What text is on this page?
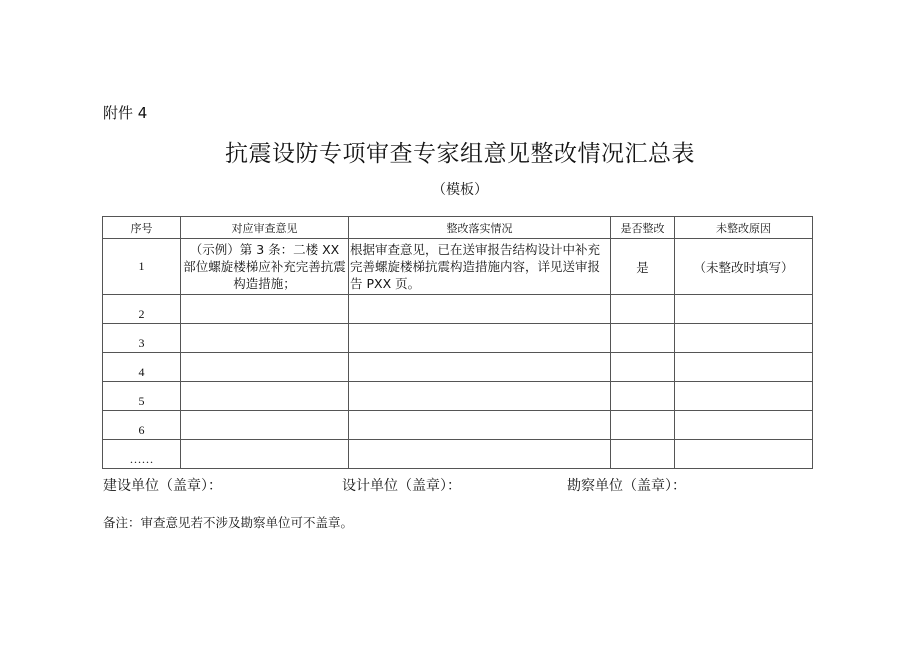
附件 4
抗震设防专项审查专家组意见整改情况汇总表
（模板）
序号	对应审查意见	整改落实情况	是否整改	未整改原因
1	（示例）第 3 条：二楼 XX 部位螺旋楼梯应补充完善抗震构造措施；	根据审查意见，已在送审报告结构设计中补充完善螺旋楼梯抗震构造措施内容，详见送审报告 PXX 页。	是	（未整改时填写）
2				
3				
4				
5				
6				
……				
建设单位（盖章）：	设计单位（盖章）：	勘察单位（盖章）：
备注：审查意见若不涉及勘察单位可不盖章。
